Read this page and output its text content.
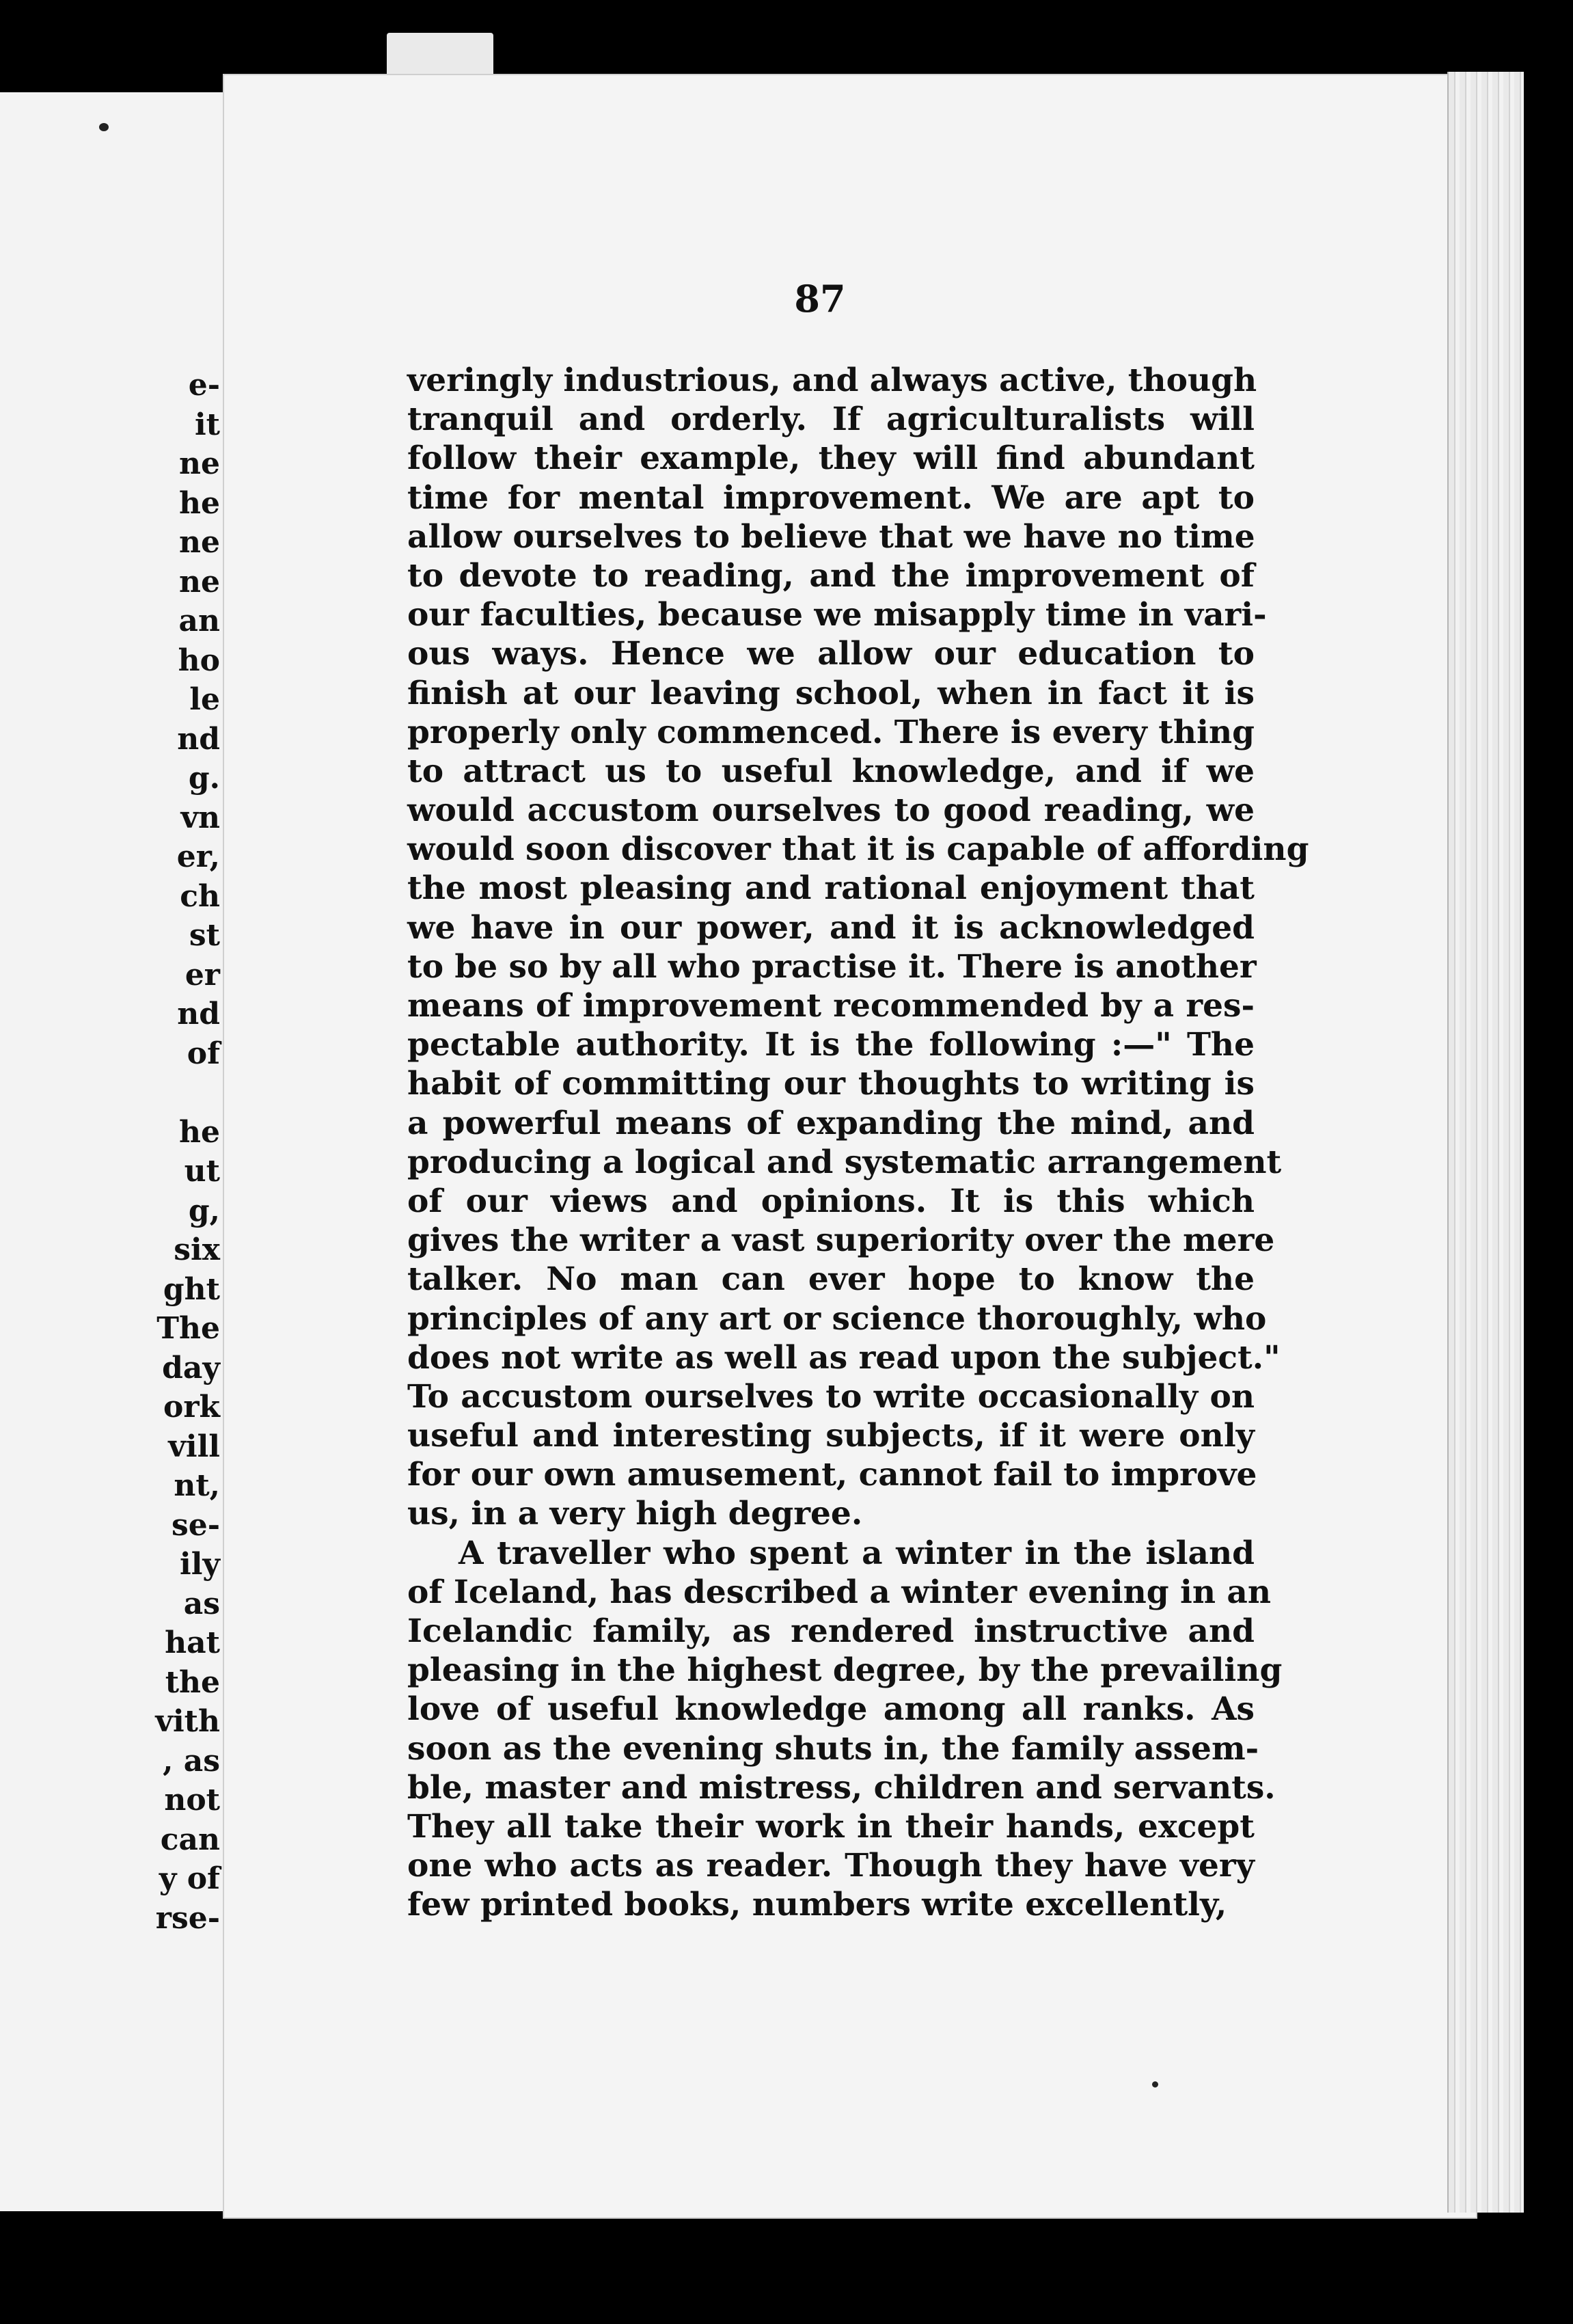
e-
it
ne
he
ne
ne
an
ho
le
nd
g.
vn
er,
ch
st
er
nd
of
he
ut
g,
six
ght
The
day
ork
vill
nt,
se-
ily
as
hat
the
vith
, as
not
can
y of
rse-
87
veringly industrious, and always active, though
tranquil and orderly. If agriculturalists will
follow their example, they will find abundant
time for mental improvement. We are apt to
allow ourselves to believe that we have no time
to devote to reading, and the improvement of
our faculties, because we misapply time in vari-
ous ways. Hence we allow our education to
finish at our leaving school, when in fact it is
properly only commenced. There is every thing
to attract us to useful knowledge, and if we
would accustom ourselves to good reading, we
would soon discover that it is capable of affording
the most pleasing and rational enjoyment that
we have in our power, and it is acknowledged
to be so by all who practise it. There is another
means of improvement recommended by a res-
pectable authority. It is the following :—" The
habit of committing our thoughts to writing is
a powerful means of expanding the mind, and
producing a logical and systematic arrangement
of our views and opinions. It is this which
gives the writer a vast superiority over the mere
talker. No man can ever hope to know the
principles of any art or science thoroughly, who
does not write as well as read upon the subject."
To accustom ourselves to write occasionally on
useful and interesting subjects, if it were only
for our own amusement, cannot fail to improve
us, in a very high degree.
A traveller who spent a winter in the island
of Iceland, has described a winter evening in an
Icelandic family, as rendered instructive and
pleasing in the highest degree, by the prevailing
love of useful knowledge among all ranks. As
soon as the evening shuts in, the family assem-
ble, master and mistress, children and servants.
They all take their work in their hands, except
one who acts as reader. Though they have very
few printed books, numbers write excellently,
